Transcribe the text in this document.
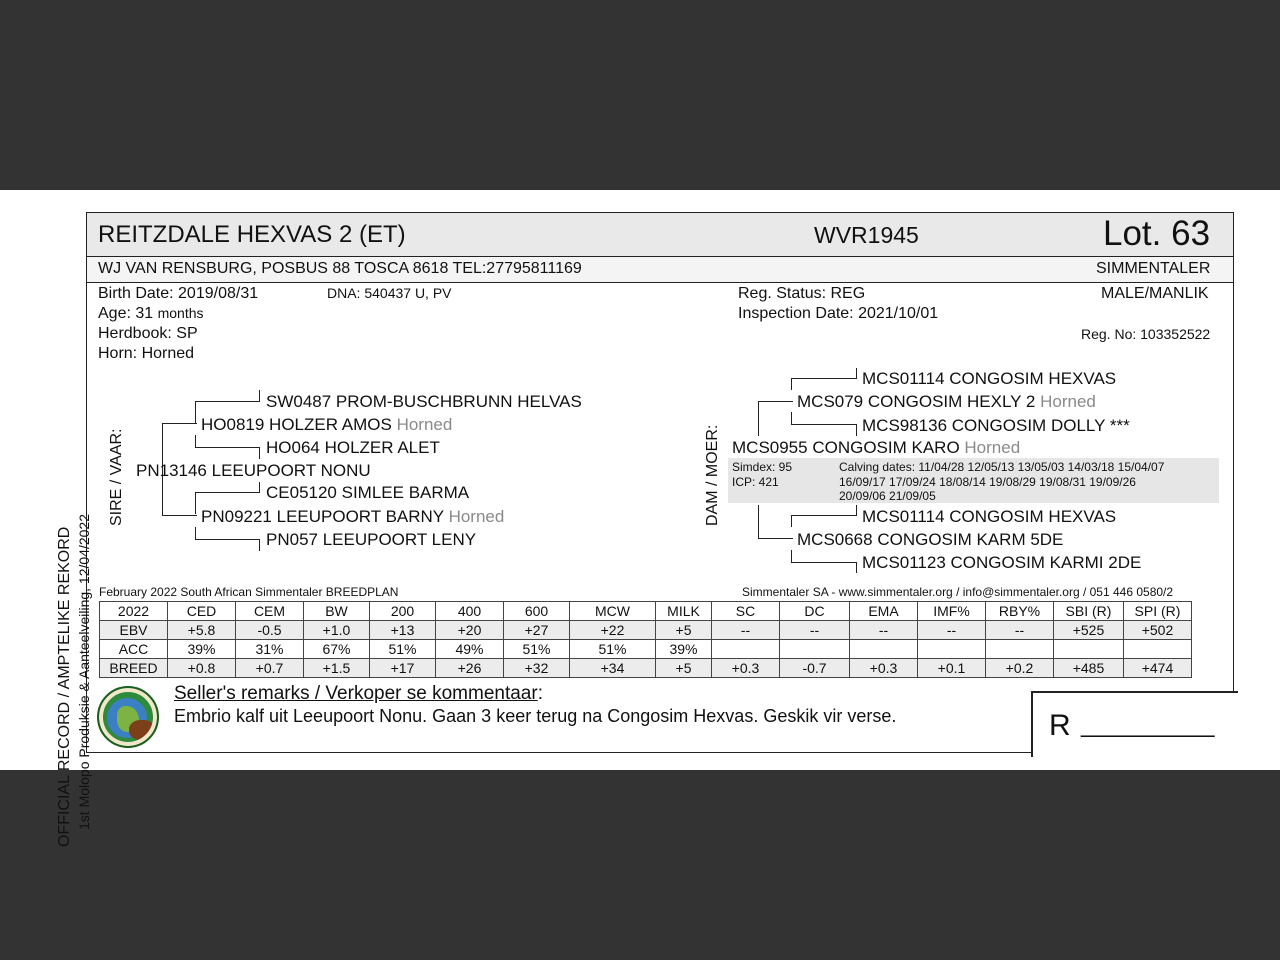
REITZDALE HEXVAS 2 (ET)	WVR1945	Lot. 63
WJ VAN RENSBURG, POSBUS 88 TOSCA 8618 TEL:27795811169	SIMMENTALER
Birth Date: 2019/08/31	DNA: 540437 U, PV
Age: 31 months
Herdbook: SP
Horn: Horned
Reg. Status: REG
Inspection Date: 2021/10/01
MALE/MANLIK
Reg. No: 103352522
OFFICIAL RECORD / AMPTELIKE REKORD 1st Molopo Produksie & Aanteelveiling, 12/04/2022
SIRE / VAAR:
SW0487 PROM-BUSCHBRUNN HELVAS
HO0819 HOLZER AMOS Horned
HO064 HOLZER ALET
PN13146 LEEUPOORT NONU
CE05120 SIMLEE BARMA
PN09221 LEEUPOORT BARNY Horned
PN057 LEEUPOORT LENY
DAM / MOER:
MCS01114 CONGOSIM HEXVAS
MCS079 CONGOSIM HEXLY 2 Horned
MCS98136 CONGOSIM DOLLY ***
MCS0955 CONGOSIM KARO Horned
Simdex: 95
ICP: 421
Calving dates: 11/04/28 12/05/13 13/05/03 14/03/18 15/04/07
16/09/17 17/09/24 18/08/14 19/08/29 19/08/31 19/09/26
20/09/06 21/09/05
MCS01114 CONGOSIM HEXVAS
MCS0668 CONGOSIM KARM 5DE
MCS01123 CONGOSIM KARMI 2DE
February 2022 South African Simmentaler BREEDPLAN	Simmentaler SA - www.simmentaler.org / info@simmentaler.org / 051 446 0580/2
2022	CED	CEM	BW	200	400	600	MCW	MILK	SC	DC	EMA	IMF%	RBY%	SBI (R)	SPI (R)
EBV	+5.8	-0.5	+1.0	+13	+20	+27	+22	+5	--	--	--	--	--	+525	+502
ACC	39%	31%	67%	51%	49%	51%	51%	39%							
BREED	+0.8	+0.7	+1.5	+17	+26	+32	+34	+5	+0.3	-0.7	+0.3	+0.1	+0.2	+485	+474
Seller's remarks / Verkoper se kommentaar:
Embrio kalf uit Leeupoort Nonu. Gaan 3 keer terug na Congosim Hexvas. Geskik vir verse.	R __________
